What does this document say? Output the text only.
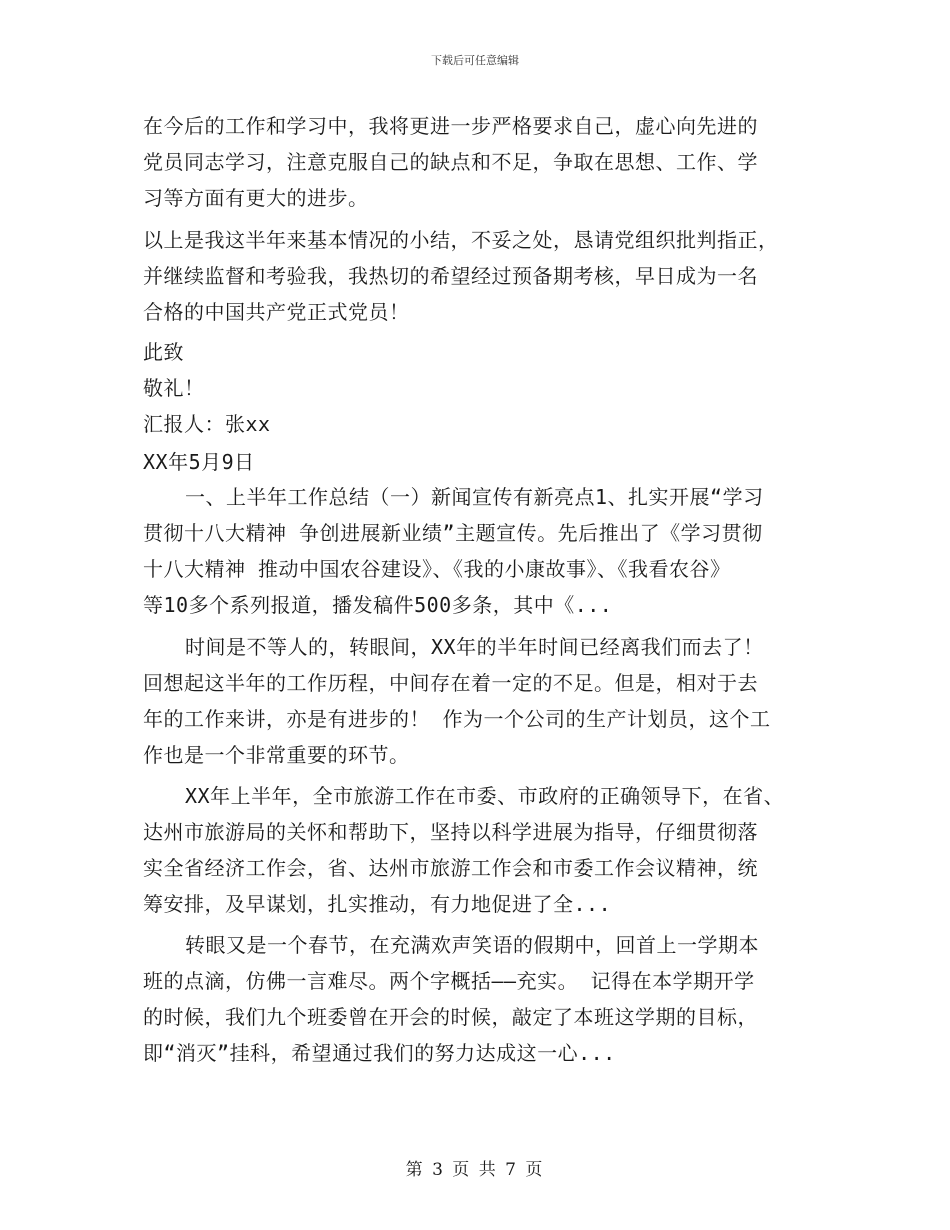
下载后可任意编辑
在今后的工作和学习中，我将更进一步严格要求自己，虚心向先进的
党员同志学习，注意克服自己的缺点和不足，争取在思想、工作、学
习等方面有更大的进步。
以上是我这半年来基本情况的小结，不妥之处，恳请党组织批判指正，
并继续监督和考验我，我热切的希望经过预备期考核，早日成为一名
合格的中国共产党正式党员！
此致
敬礼！
汇报人：张xx
XX年5月9日
一、上半年工作总结（一）新闻宣传有新亮点1、扎实开展“学习
贯彻十八大精神 争创进展新业绩”主题宣传。先后推出了《学习贯彻
十八大精神 推动中国农谷建设》、《我的小康故事》、《我看农谷》
等10多个系列报道，播发稿件500多条，其中《...
时间是不等人的，转眼间，XX年的半年时间已经离我们而去了！
回想起这半年的工作历程，中间存在着一定的不足。但是，相对于去
年的工作来讲，亦是有进步的！ 作为一个公司的生产计划员，这个工
作也是一个非常重要的环节。
XX年上半年，全市旅游工作在市委、市政府的正确领导下，在省、
达州市旅游局的关怀和帮助下，坚持以科学进展为指导，仔细贯彻落
实全省经济工作会，省、达州市旅游工作会和市委工作会议精神，统
筹安排，及早谋划，扎实推动，有力地促进了全...
转眼又是一个春节，在充满欢声笑语的假期中，回首上一学期本
班的点滴，仿佛一言难尽。两个字概括——充实。 记得在本学期开学
的时候，我们九个班委曾在开会的时候，敲定了本班这学期的目标，
即“消灭”挂科，希望通过我们的努力达成这一心...
第 3 页 共 7 页
